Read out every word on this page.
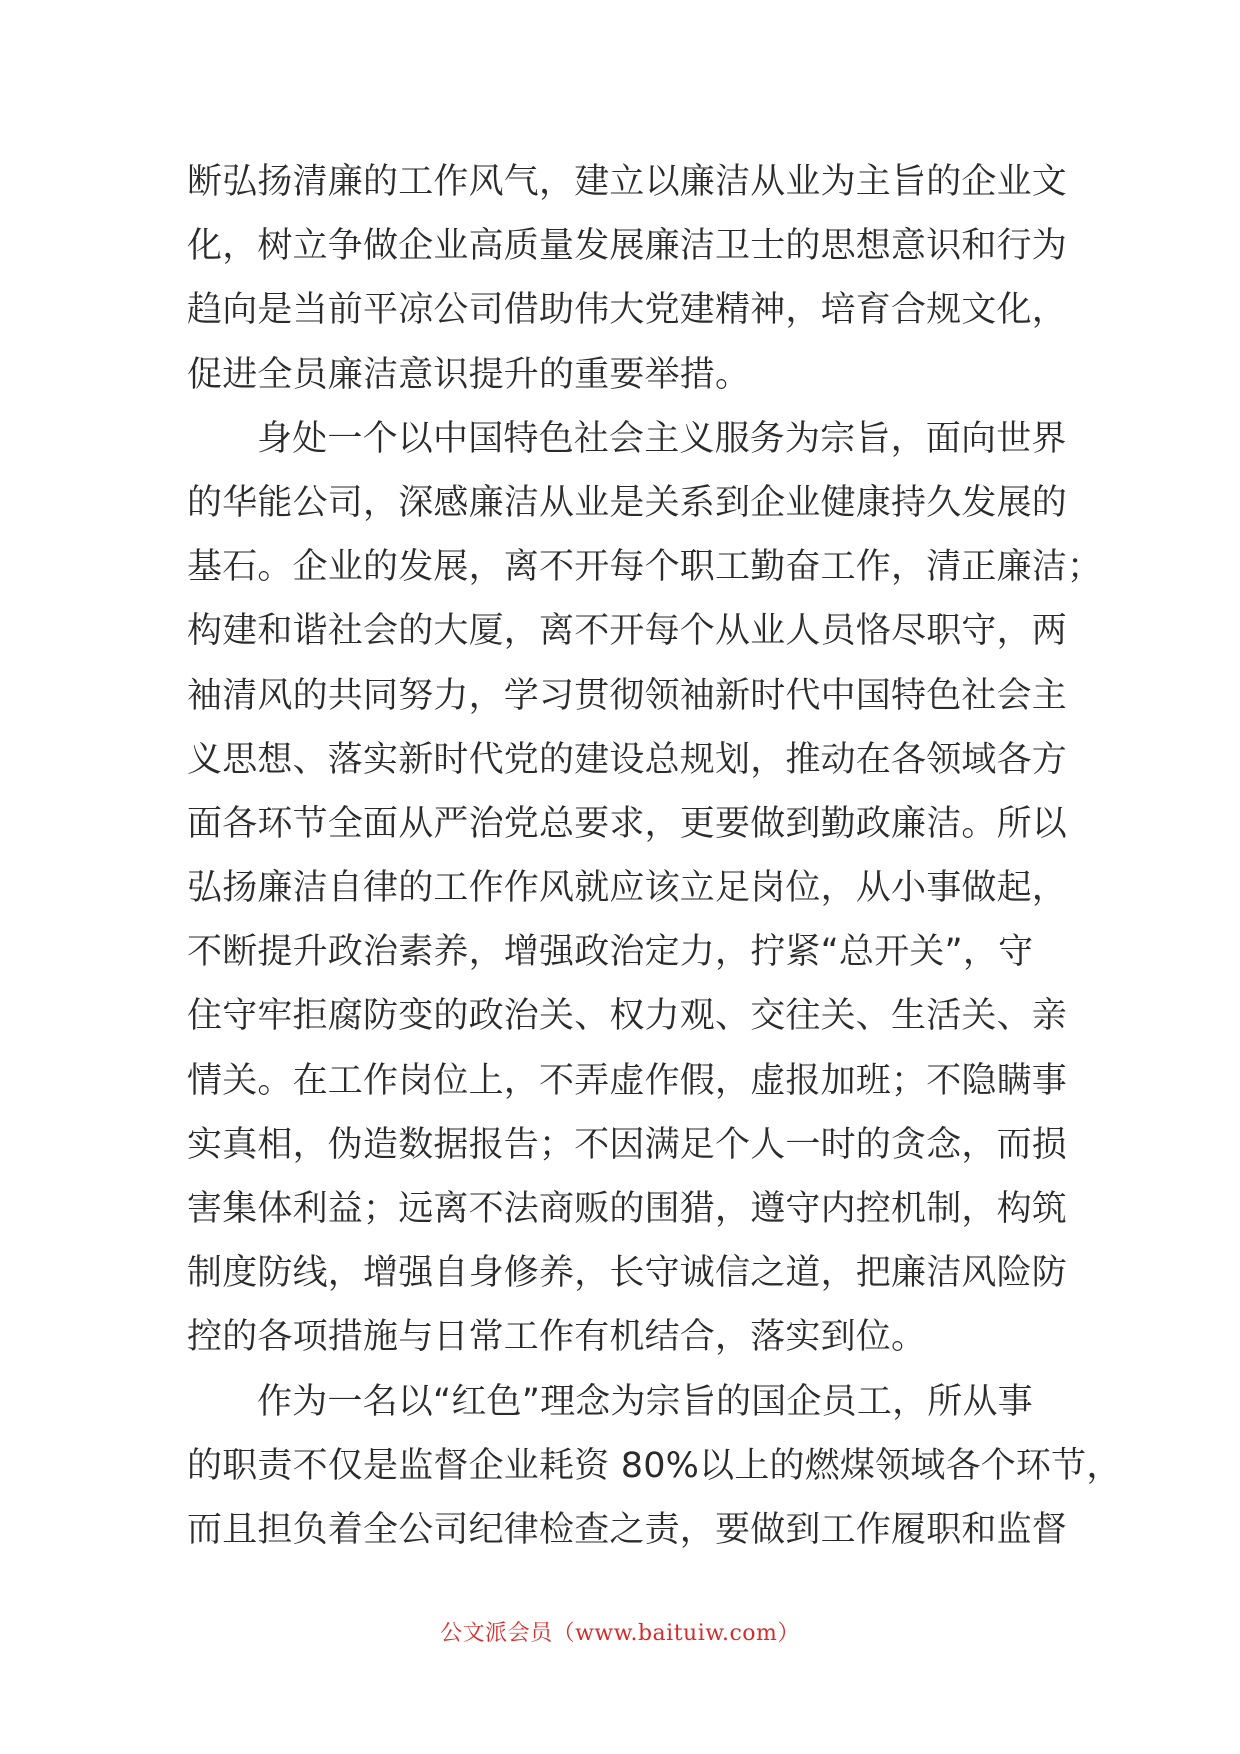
断弘扬清廉的工作风气，建立以廉洁从业为主旨的企业文
化，树立争做企业高质量发展廉洁卫士的思想意识和行为
趋向是当前平凉公司借助伟大党建精神，培育合规文化，
促进全员廉洁意识提升的重要举措。
身处一个以中国特色社会主义服务为宗旨，面向世界
的华能公司，深感廉洁从业是关系到企业健康持久发展的
基石。企业的发展，离不开每个职工勤奋工作，清正廉洁；
构建和谐社会的大厦，离不开每个从业人员恪尽职守，两
袖清风的共同努力，学习贯彻领袖新时代中国特色社会主
义思想、落实新时代党的建设总规划，推动在各领域各方
面各环节全面从严治党总要求，更要做到勤政廉洁。所以
弘扬廉洁自律的工作作风就应该立足岗位，从小事做起，
不断提升政治素养，增强政治定力，拧紧“总开关”，守
住守牢拒腐防变的政治关、权力观、交往关、生活关、亲
情关。在工作岗位上，不弄虚作假，虚报加班；不隐瞒事
实真相，伪造数据报告；不因满足个人一时的贪念，而损
害集体利益；远离不法商贩的围猎，遵守内控机制，构筑
制度防线，增强自身修养，长守诚信之道，把廉洁风险防
控的各项措施与日常工作有机结合，落实到位。
作为一名以“红色”理念为宗旨的国企员工，所从事
的职责不仅是监督企业耗资 80%以上的燃煤领域各个环节，
而且担负着全公司纪律检查之责，要做到工作履职和监督
公文派会员（www.baituiw.com）
